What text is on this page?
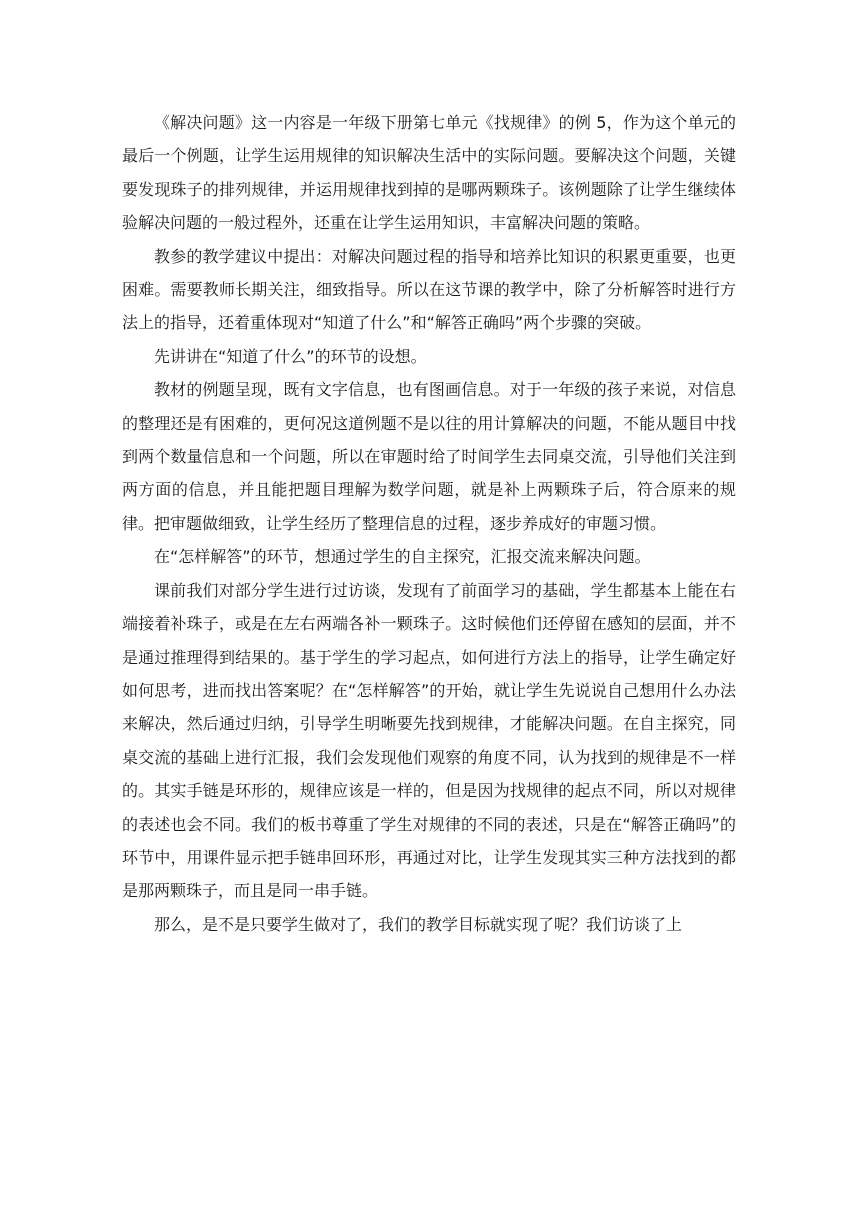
《解决问题》这一内容是一年级下册第七单元《找规律》的例 5，作为这个单元的最后一个例题，让学生运用规律的知识解决生活中的实际问题。要解决这个问题，关键要发现珠子的排列规律，并运用规律找到掉的是哪两颗珠子。该例题除了让学生继续体验解决问题的一般过程外，还重在让学生运用知识，丰富解决问题的策略。

教参的教学建议中提出：对解决问题过程的指导和培养比知识的积累更重要，也更困难。需要教师长期关注，细致指导。所以在这节课的教学中，除了分析解答时进行方法上的指导，还着重体现对“知道了什么”和“解答正确吗”两个步骤的突破。

先讲讲在“知道了什么”的环节的设想。

教材的例题呈现，既有文字信息，也有图画信息。对于一年级的孩子来说，对信息的整理还是有困难的，更何况这道例题不是以往的用计算解决的问题，不能从题目中找到两个数量信息和一个问题，所以在审题时给了时间学生去同桌交流，引导他们关注到两方面的信息，并且能把题目理解为数学问题，就是补上两颗珠子后，符合原来的规律。把审题做细致，让学生经历了整理信息的过程，逐步养成好的审题习惯。

在“怎样解答”的环节，想通过学生的自主探究，汇报交流来解决问题。

课前我们对部分学生进行过访谈，发现有了前面学习的基础，学生都基本上能在右端接着补珠子，或是在左右两端各补一颗珠子。这时候他们还停留在感知的层面，并不是通过推理得到结果的。基于学生的学习起点，如何进行方法上的指导，让学生确定好如何思考，进而找出答案呢？在“怎样解答”的开始，就让学生先说说自己想用什么办法来解决，然后通过归纳，引导学生明晰要先找到规律，才能解决问题。在自主探究，同桌交流的基础上进行汇报，我们会发现他们观察的角度不同，认为找到的规律是不一样的。其实手链是环形的，规律应该是一样的，但是因为找规律的起点不同，所以对规律的表述也会不同。我们的板书尊重了学生对规律的不同的表述，只是在“解答正确吗”的环节中，用课件显示把手链串回环形，再通过对比，让学生发现其实三种方法找到的都是那两颗珠子，而且是同一串手链。

那么，是不是只要学生做对了，我们的教学目标就实现了呢？我们访谈了上
